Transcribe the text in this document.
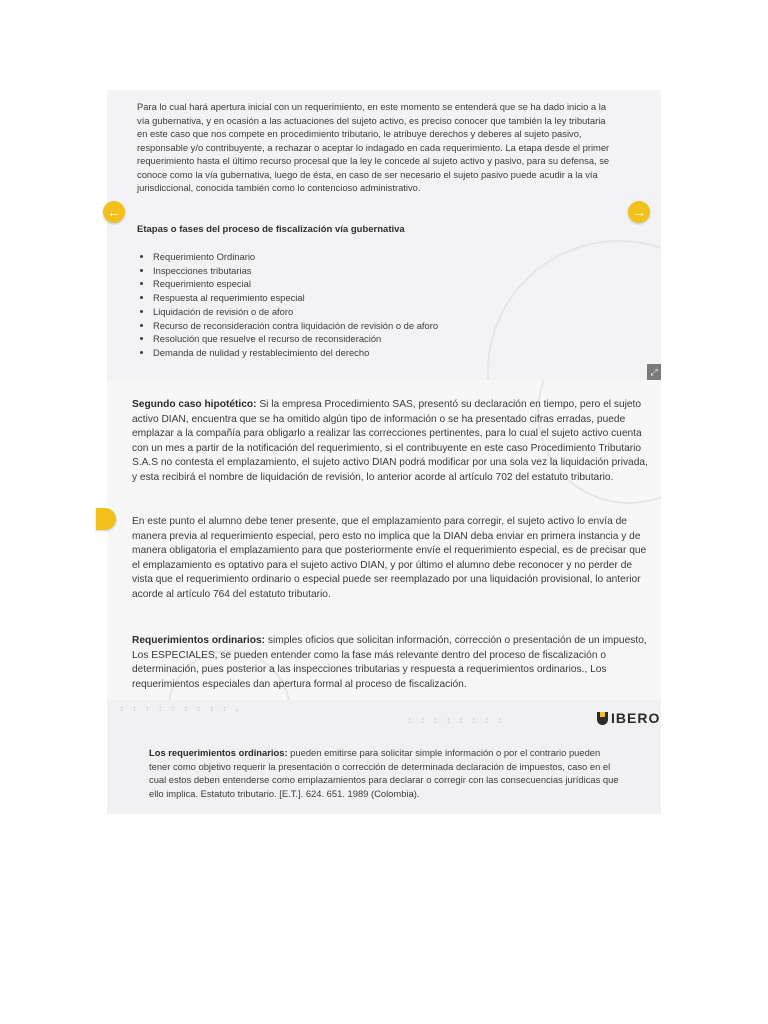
Para lo cual hará apertura inicial con un requerimiento, en este momento se entenderá que se ha dado inicio a la vía gubernativa, y en ocasión a las actuaciones del sujeto activo, es preciso conocer que también la ley tributaria en este caso que nos compete en procedimiento tributario, le atribuye derechos y deberes al sujeto pasivo, responsable y/o contribuyente, a rechazar o aceptar lo indagado en cada requerimiento. La etapa desde el primer requerimiento hasta el último recurso procesal que la ley le concede al sujeto activo y pasivo, para su defensa, se conoce como la vía gubernativa, luego de ésta, en caso de ser necesario el sujeto pasivo puede acudir a la vía jurisdiccional, conocida también como lo contencioso administrativo.

Etapas o fases del proceso de fiscalización vía gubernativa
• Requerimiento Ordinario
• Inspecciones tributarias
• Requerimiento especial
• Respuesta al requerimiento especial
• Liquidación de revisión o de aforo
• Recurso de reconsideración contra liquidación de revisión o de aforo
• Resolución que resuelve el recurso de reconsideración
• Demanda de nulidad y restablecimiento del derecho
⤢
←	→

Segundo caso hipotético: Si la empresa Procedimiento SAS, presentó su declaración en tiempo, pero el sujeto activo DIAN, encuentra que se ha omitido algún tipo de información o se ha presentado cifras erradas, puede emplazar a la compañía para obligarlo a realizar las correcciones pertinentes, para lo cual el sujeto activo cuenta con un mes a partir de la notificación del requerimiento, si el contribuyente en este caso Procedimiento Tributario S.A.S no contesta el emplazamiento, el sujeto activo DIAN podrá modificar por una sola vez la liquidación privada, y esta recibirá el nombre de liquidación de revisión, lo anterior acorde al artículo 702 del estatuto tributario.

En este punto el alumno debe tener presente, que el emplazamiento para corregir, el sujeto activo lo envía de manera previa al requerimiento especial, pero esto no implica que la DIAN deba enviar en primera instancia y de manera obligatoria el emplazamiento para que posteriormente envíe el requerimiento especial, es de precisar que el emplazamiento es optativo para el sujeto activo DIAN, y por último el alumno debe reconocer y no perder de vista que el requerimiento ordinario o especial puede ser reemplazado por una liquidación provisional, lo anterior acorde al artículo 764 del estatuto tributario.

Requerimientos ordinarios: simples oficios que solicitan información, corrección o presentación de un impuesto, Los ESPECIALES, se pueden entender como la fase más relevante dentro del proceso de fiscalización o determinación, pues posterior a las inspecciones tributarias y respuesta a requerimientos ordinarios., Los requerimientos especiales dan apertura formal al proceso de fiscalización.

: : : : : : : : : .
: : : : : : : :	IBERO

Los requerimientos ordinarios: pueden emitirse para solicitar simple información o por el contrario pueden tener como objetivo requerir la presentación o corrección de determinada declaración de impuestos, caso en el cual estos deben entenderse como emplazamientos para declarar o corregir con las consecuencias jurídicas que ello implica. Estatuto tributario. [E.T.]. 624. 651. 1989 (Colombia).
